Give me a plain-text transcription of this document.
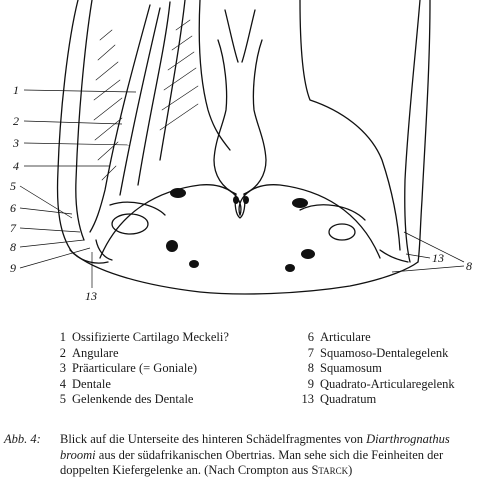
1
2
3
4
5
6
7
8
9
13
13
8
1 Ossifizierte Cartilago Meckeli?
2 Angulare
3 Präarticulare (= Goniale)
4 Dentale
5 Gelenkende des Dentale
6 Articulare
7 Squamoso-Dentalegelenk
8 Squamosum
9 Quadrato-Articularegelenk
13 Quadratum
Abb. 4: Blick auf die Unterseite des hinteren Schädelfragmentes von Diarthrognathus
broomi aus der südafrikanischen Obertrias. Man sehe sich die Feinheiten der
doppelten Kiefergelenke an. (Nach Crompton aus Starck)
